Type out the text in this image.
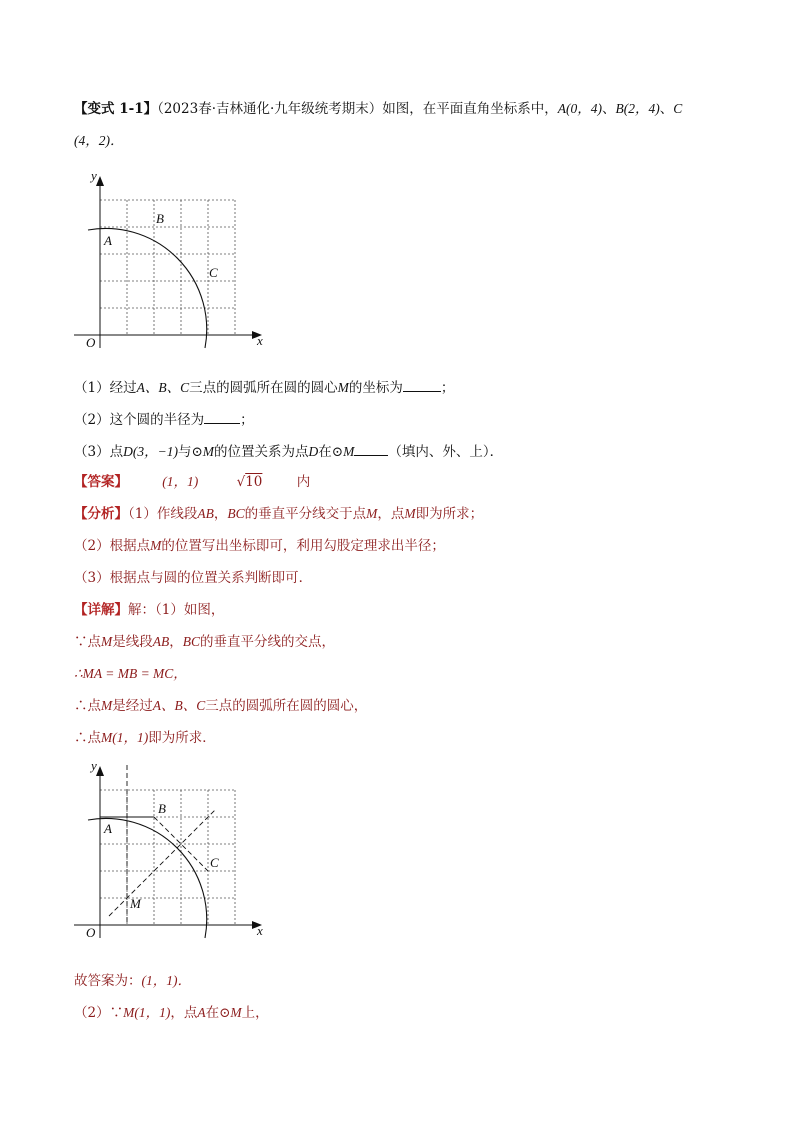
【变式 1-1】（2023春·吉林通化·九年级统考期末）如图，在平面直角坐标系中，A(0，4)、B(2，4)、C
(4，2)．
y
x
O
A
B
C
（1）经过A、B、C三点的圆弧所在圆的圆心M的坐标为	；
（2）这个圆的半径为	；
（3）点D(3，−1)与⊙M的位置关系为点D在⊙M	（填内、外、上）．
【答案】	(1，1)	√10	内
【分析】（1）作线段AB，BC的垂直平分线交于点M，点M即为所求；
（2）根据点M的位置写出坐标即可，利用勾股定理求出半径；
（3）根据点与圆的位置关系判断即可．
【详解】解：（1）如图，
∵点M是线段AB，BC的垂直平分线的交点，
∴MA = MB = MC，
∴点M是经过A、B、C三点的圆弧所在圆的圆心，
∴点M(1，1)即为所求．
y
x
O
A
B
C
M
故答案为：(1，1)．
（2）∵M(1，1)，点A在⊙M上，
